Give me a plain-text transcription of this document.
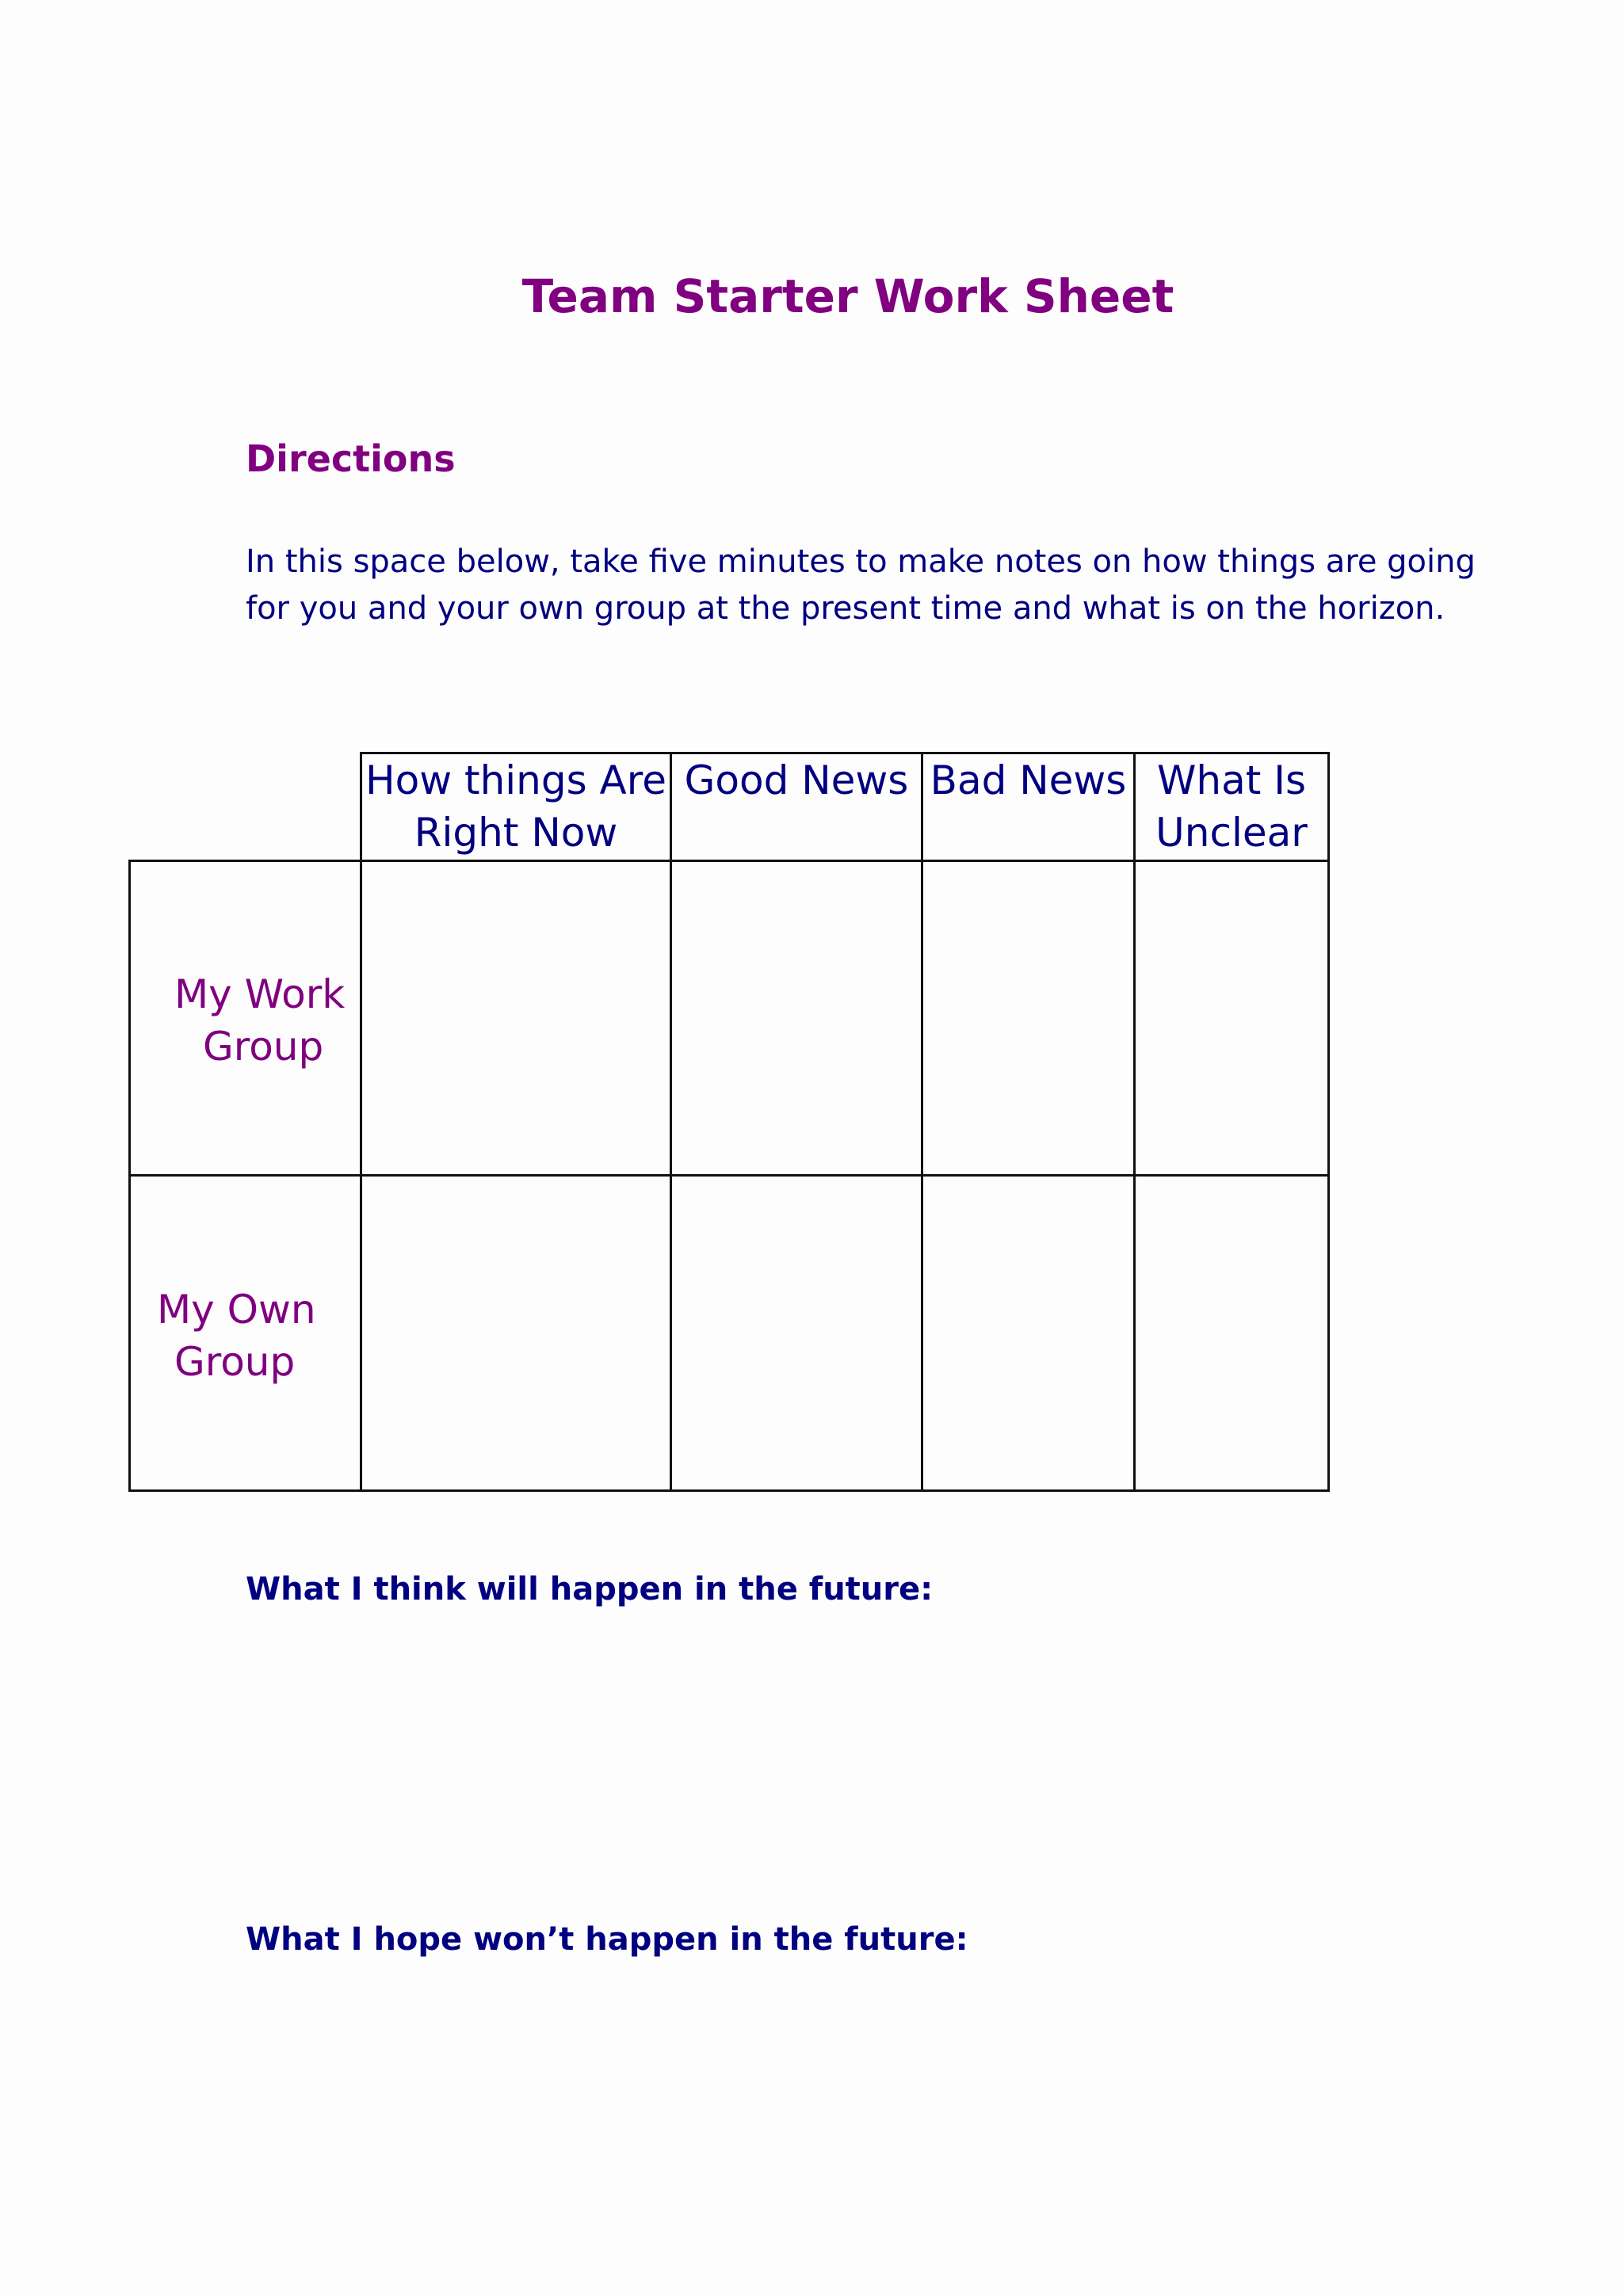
Team Starter Work Sheet
Directions
In this space below, take five minutes to make notes on how things are going
for you and your own group at the present time and what is on the horizon.
How things Are
Right Now
Good News Bad News What Is
Unclear
My Work
Group
My Own
Group
What I think will happen in the future:
What I hope won’t happen in the future:
